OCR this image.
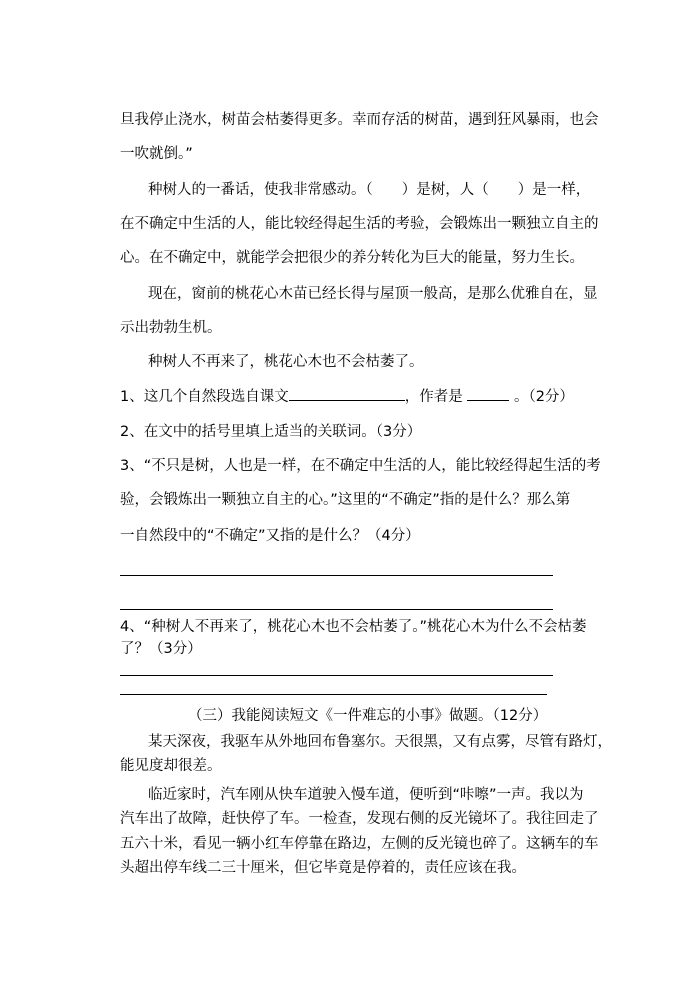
旦我停止浇水，树苗会枯萎得更多。幸而存活的树苗，遇到狂风暴雨，也会
一吹就倒。”
种树人的一番话，使我非常感动。（　　）是树，人（　　）是一样，
在不确定中生活的人，能比较经得起生活的考验，会锻炼出一颗独立自主的
心。在不确定中，就能学会把很少的养分转化为巨大的能量，努力生长。
现在，窗前的桃花心木苗已经长得与屋顶一般高，是那么优雅自在，显
示出勃勃生机。
种树人不再来了，桃花心木也不会枯萎了。
1、这几个自然段选自课文	，作者是	。（2分）
2、在文中的括号里填上适当的关联词。（3分）
3、“不只是树，人也是一样，在不确定中生活的人，能比较经得起生活的考
验，会锻炼出一颗独立自主的心。”这里的“不确定”指的是什么？那么第
一自然段中的“不确定”又指的是什么？（4分）
4、“种树人不再来了，桃花心木也不会枯萎了。”桃花心木为什么不会枯萎
了？（3分）
（三）我能阅读短文《一件难忘的小事》做题。（12分）
某天深夜，我驱车从外地回布鲁塞尔。天很黑，又有点雾，尽管有路灯，
能见度却很差。
临近家时，汽车刚从快车道驶入慢车道，便听到“咔嚓”一声。我以为
汽车出了故障，赶快停了车。一检查，发现右侧的反光镜坏了。我往回走了
五六十米，看见一辆小红车停靠在路边，左侧的反光镜也碎了。这辆车的车
头超出停车线二三十厘米，但它毕竟是停着的，责任应该在我。
